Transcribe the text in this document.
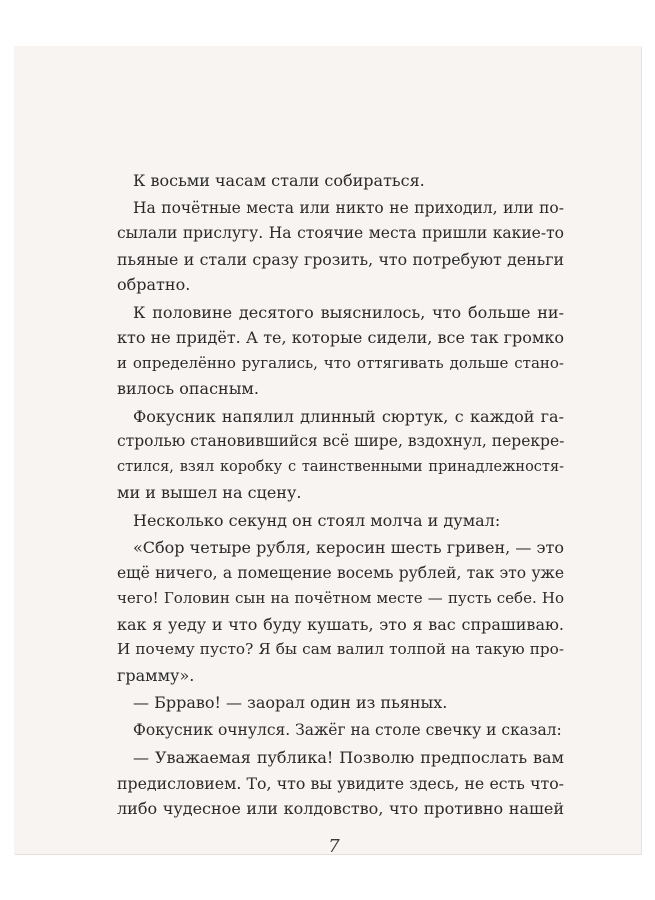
К восьми часам стали собираться.
На почётные места или никто не приходил, или по-
сылали прислугу. На стоячие места пришли какие-то
пьяные и стали сразу грозить, что потребуют деньги
обратно.
К половине десятого выяснилось, что больше ни-
кто не придёт. А те, которые сидели, все так громко
и определённо ругались, что оттягивать дольше стано-
вилось опасным.
Фокусник напялил длинный сюртук, с каждой га-
стролью становившийся всё шире, вздохнул, перекре-
стился, взял коробку с таинственными принадлежностя-
ми и вышел на сцену.
Несколько секунд он стоял молча и думал:
«Сбор четыре рубля, керосин шесть гривен, — это
ещё ничего, а помещение восемь рублей, так это уже
чего! Головин сын на почётном месте — пусть себе. Но
как я уеду и что буду кушать, это я вас спрашиваю.
И почему пусто? Я бы сам валил толпой на такую про-
грамму».
— Брраво! — заорал один из пьяных.
Фокусник очнулся. Зажёг на столе свечку и сказал:
— Уважаемая публика! Позволю предпослать вам
предисловием. То, что вы увидите здесь, не есть что-
либо чудесное или колдовство, что противно нашей
7
